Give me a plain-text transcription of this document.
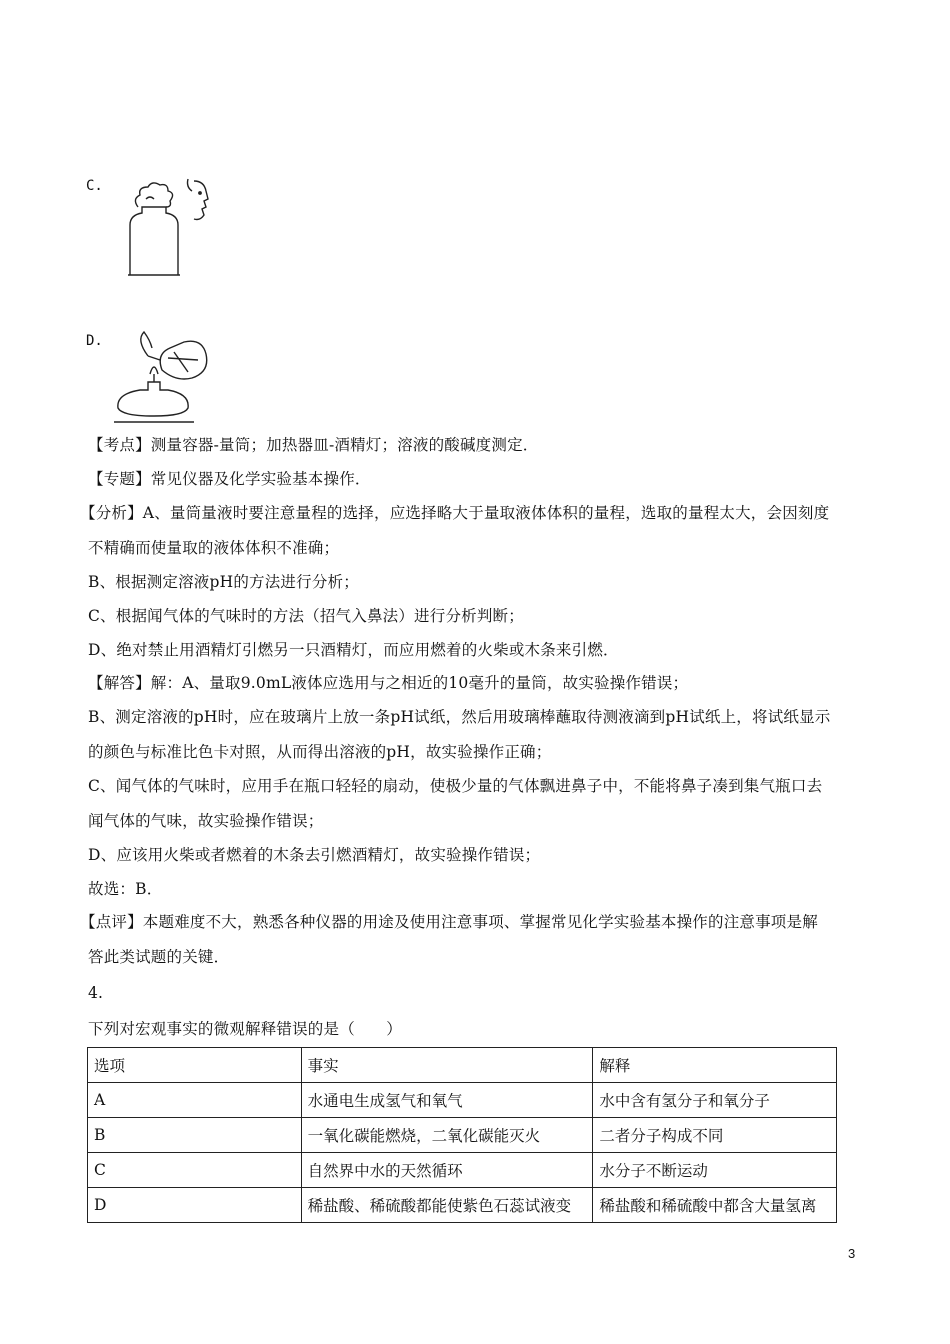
C.
D.
【考点】测量容器-量筒；加热器皿-酒精灯；溶液的酸碱度测定．
【专题】常见仪器及化学实验基本操作．
【分析】A、量筒量液时要注意量程的选择，应选择略大于量取液体体积的量程，选取的量程太大，会因刻度
不精确而使量取的液体体积不准确；
B、根据测定溶液pH的方法进行分析；
C、根据闻气体的气味时的方法（招气入鼻法）进行分析判断；
D、绝对禁止用酒精灯引燃另一只酒精灯，而应用燃着的火柴或木条来引燃．
【解答】解：A、量取9.0mL液体应选用与之相近的10毫升的量筒，故实验操作错误；
B、测定溶液的pH时，应在玻璃片上放一条pH试纸，然后用玻璃棒蘸取待测液滴到pH试纸上，将试纸显示
的颜色与标准比色卡对照，从而得出溶液的pH，故实验操作正确；
C、闻气体的气味时，应用手在瓶口轻轻的扇动，使极少量的气体飘进鼻子中，不能将鼻子凑到集气瓶口去
闻气体的气味，故实验操作错误；
D、应该用火柴或者燃着的木条去引燃酒精灯，故实验操作错误；
故选：B．
【点评】本题难度不大，熟悉各种仪器的用途及使用注意事项、掌握常见化学实验基本操作的注意事项是解
答此类试题的关键．
4.
下列对宏观事实的微观解释错误的是（　　）
选项	事实	解释
A	水通电生成氢气和氧气	水中含有氢分子和氧分子
B	一氧化碳能燃烧，二氧化碳能灭火	二者分子构成不同
C	自然界中水的天然循环	水分子不断运动
D	稀盐酸、稀硫酸都能使紫色石蕊试液变	稀盐酸和稀硫酸中都含大量氢离
3
